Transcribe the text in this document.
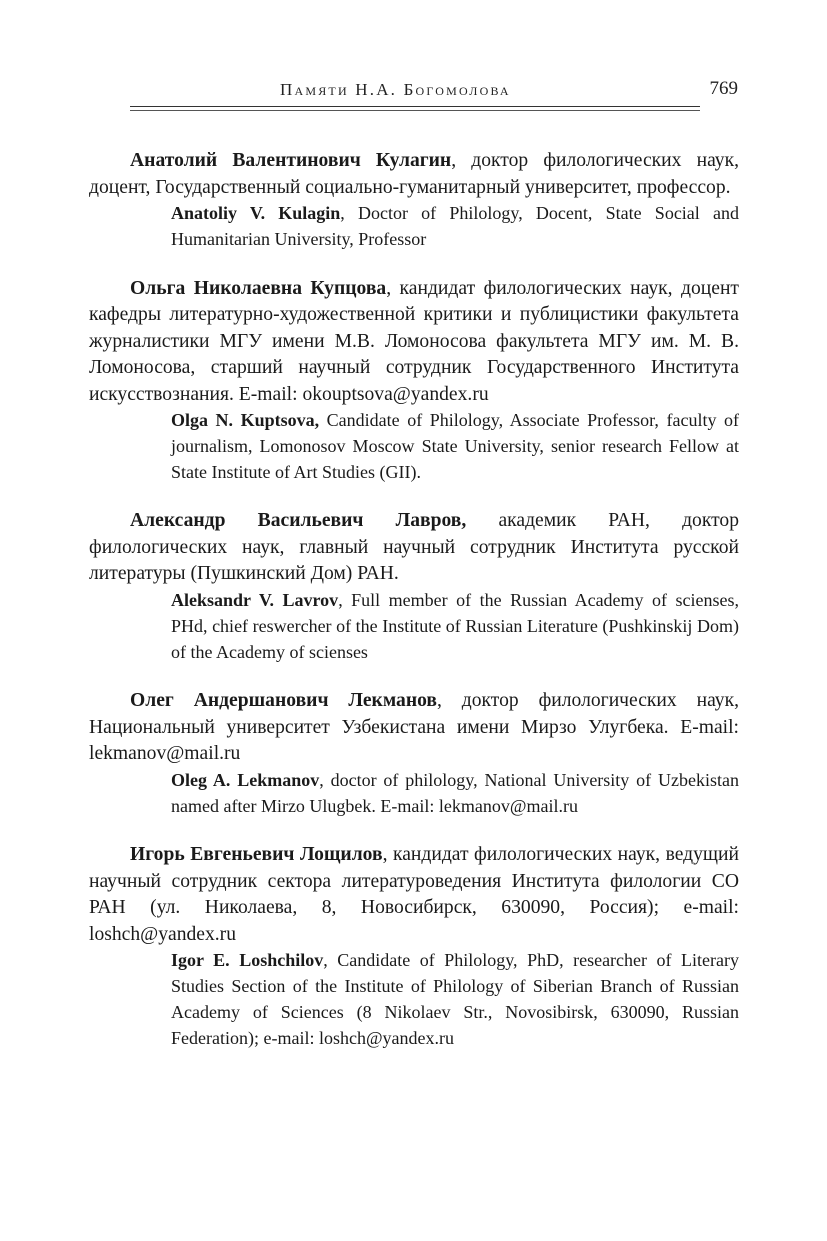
Памяти Н.А. Богомолова	769

Анатолий Валентинович Кулагин, доктор филологических наук, доцент, Государственный социально-гуманитарный университет, профессор.

Anatoliy V. Kulagin, Doctor of Philology, Docent, State Social and Humanitarian University, Professor

Ольга Николаевна Купцова, кандидат филологических наук, доцент кафедры литературно-художественной критики и публицистики факультета журналистики МГУ имени М.В. Ломоносова факультета МГУ им. М. В. Ломоносова, старший научный сотрудник Государственного Института искусствознания. E-mail: okouptsova@yandex.ru

Olga N. Kuptsova, Candidate of Philology, Associate Professor, faculty of journalism, Lomonosov Moscow State University, senior research Fellow at State Institute of Art Studies (GII).

Александр Васильевич Лавров, академик РАН, доктор филологических наук, главный научный сотрудник Института русской литературы (Пушкинский Дом) РАН.

Aleksandr V. Lavrov, Full member of the Russian Academy of scienses, PHd, chief reswercher of the Institute of Russian Literature (Pushkinskij Dom) of the Academy of scienses

Олег Андершанович Лекманов, доктор филологических наук, Национальный университет Узбекистана имени Мирзо Улугбека. E-mail: lekmanov@mail.ru

Oleg A. Lekmanov, doctor of philology, National University of Uzbekistan named after Mirzo Ulugbek. E-mail: lekmanov@mail.ru

Игорь Евгеньевич Лощилов, кандидат филологических наук, ведущий научный сотрудник сектора литературоведения Института филологии СО РАН (ул. Николаева, 8, Новосибирск, 630090, Россия); e-mail: loshch@yandex.ru

Igor E. Loshchilov, Candidate of Philology, PhD, researcher of Literary Studies Section of the Institute of Philology of Siberian Branch of Russian Academy of Sciences (8 Nikolaev Str., Novosibirsk, 630090, Russian Federation); e-mail: loshch@yandex.ru
